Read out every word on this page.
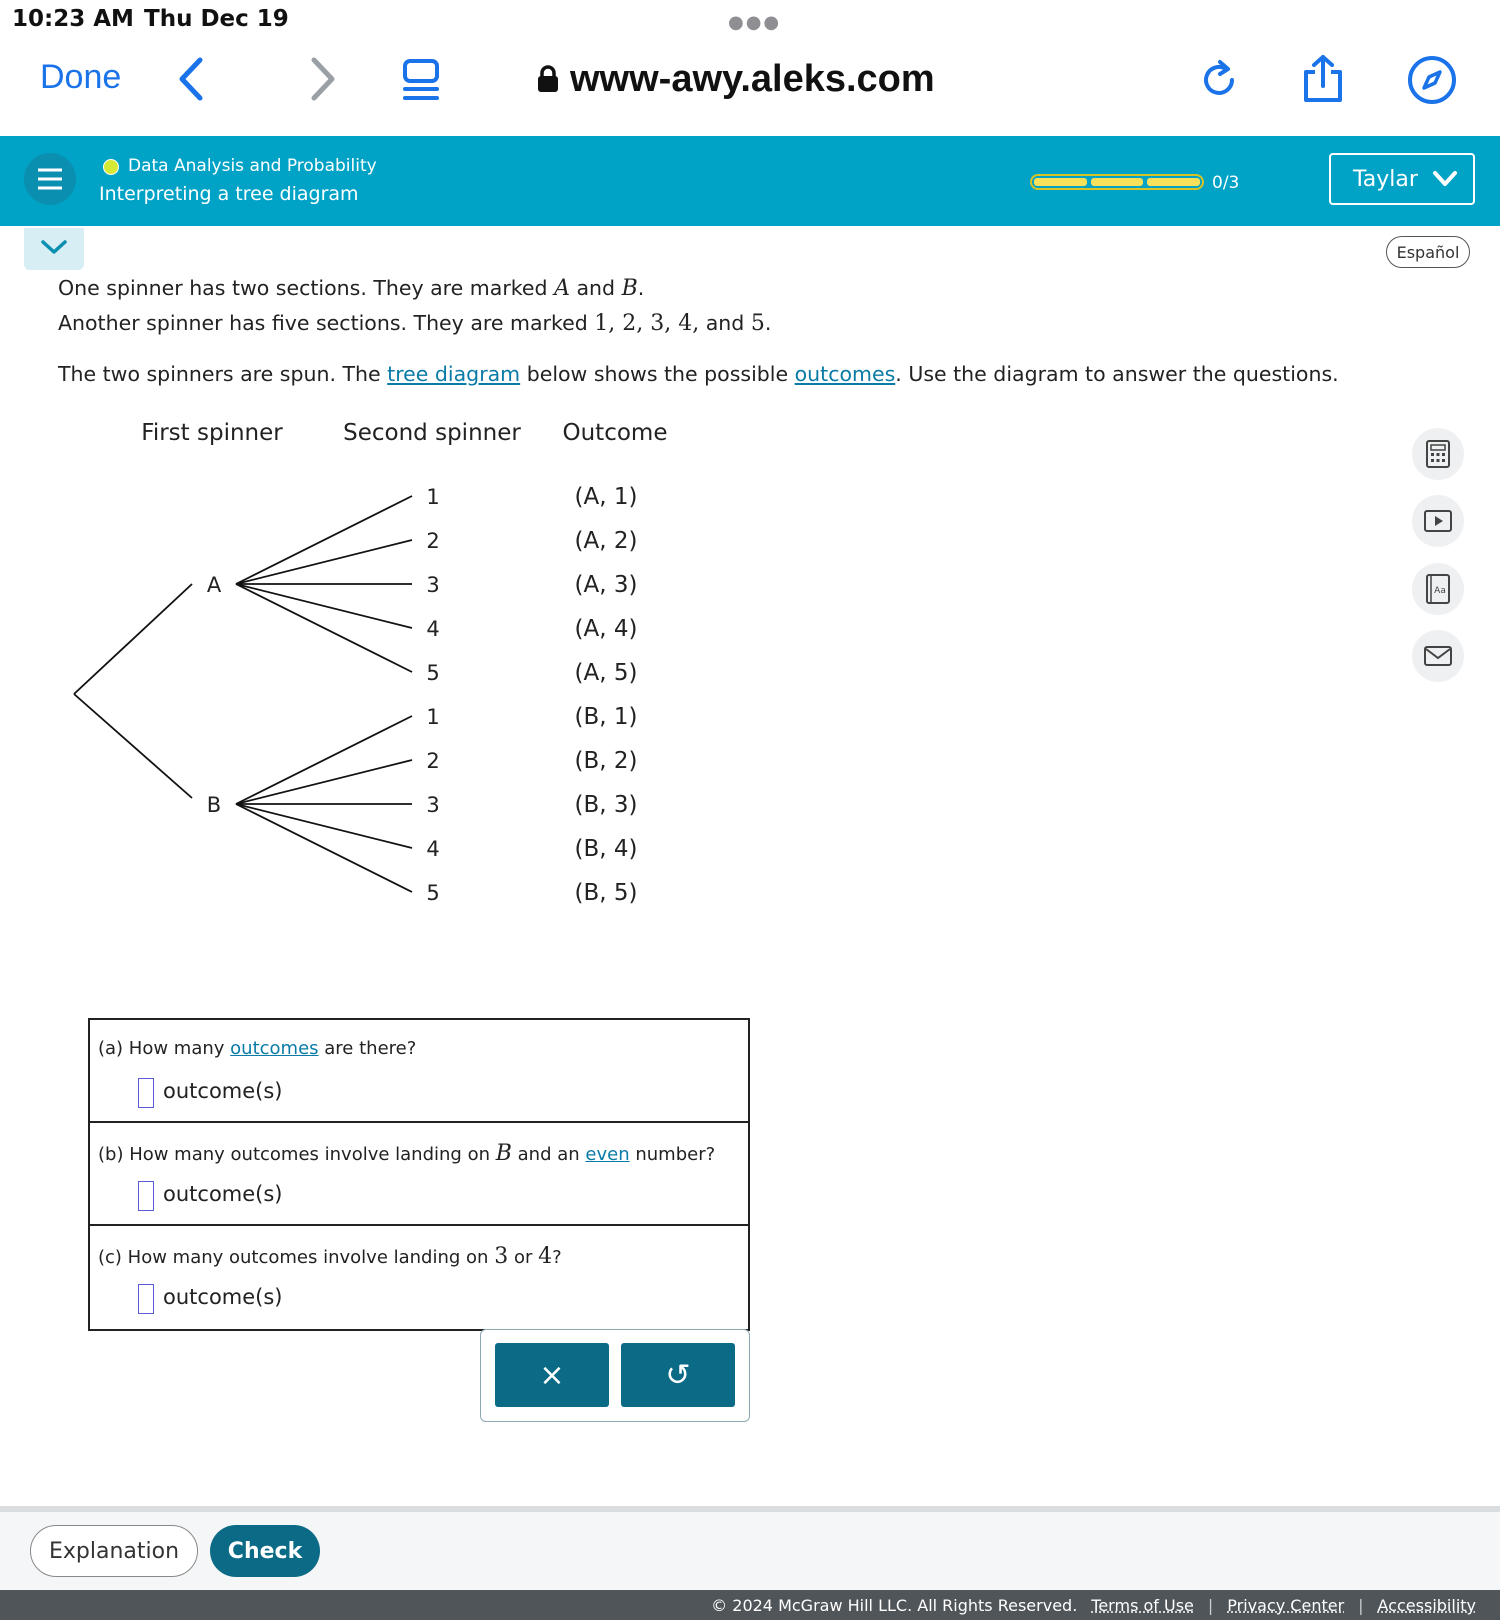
10:23 AM Thu Dec 19	●●●
Done	www-awy.aleks.com
Data Analysis and Probability
Interpreting a tree diagram	0/3	Taylar
Español
One spinner has two sections. They are marked A and B.
Another spinner has five sections. They are marked 1, 2, 3, 4, and 5.
The two spinners are spun. The tree diagram below shows the possible outcomes. Use the diagram to answer the questions.
First spinner	Second spinner Outcome
A
1	(A, 1)
2	(A, 2)
3	(A, 3)
4	(A, 4)
5	(A, 5)
B
1	(B, 1)
2	(B, 2)
3	(B, 3)
4	(B, 4)
5	(B, 5)
Aa
(a) How many outcomes are there?
outcome(s)
(b) How many outcomes involve landing on B and an even number?
outcome(s)
(c) How many outcomes involve landing on 3 or 4?
outcome(s)
×	↺
Explanation	Check
© 2024 McGraw Hill LLC. All Rights Reserved. Terms of Use | Privacy Center | Accessibility
